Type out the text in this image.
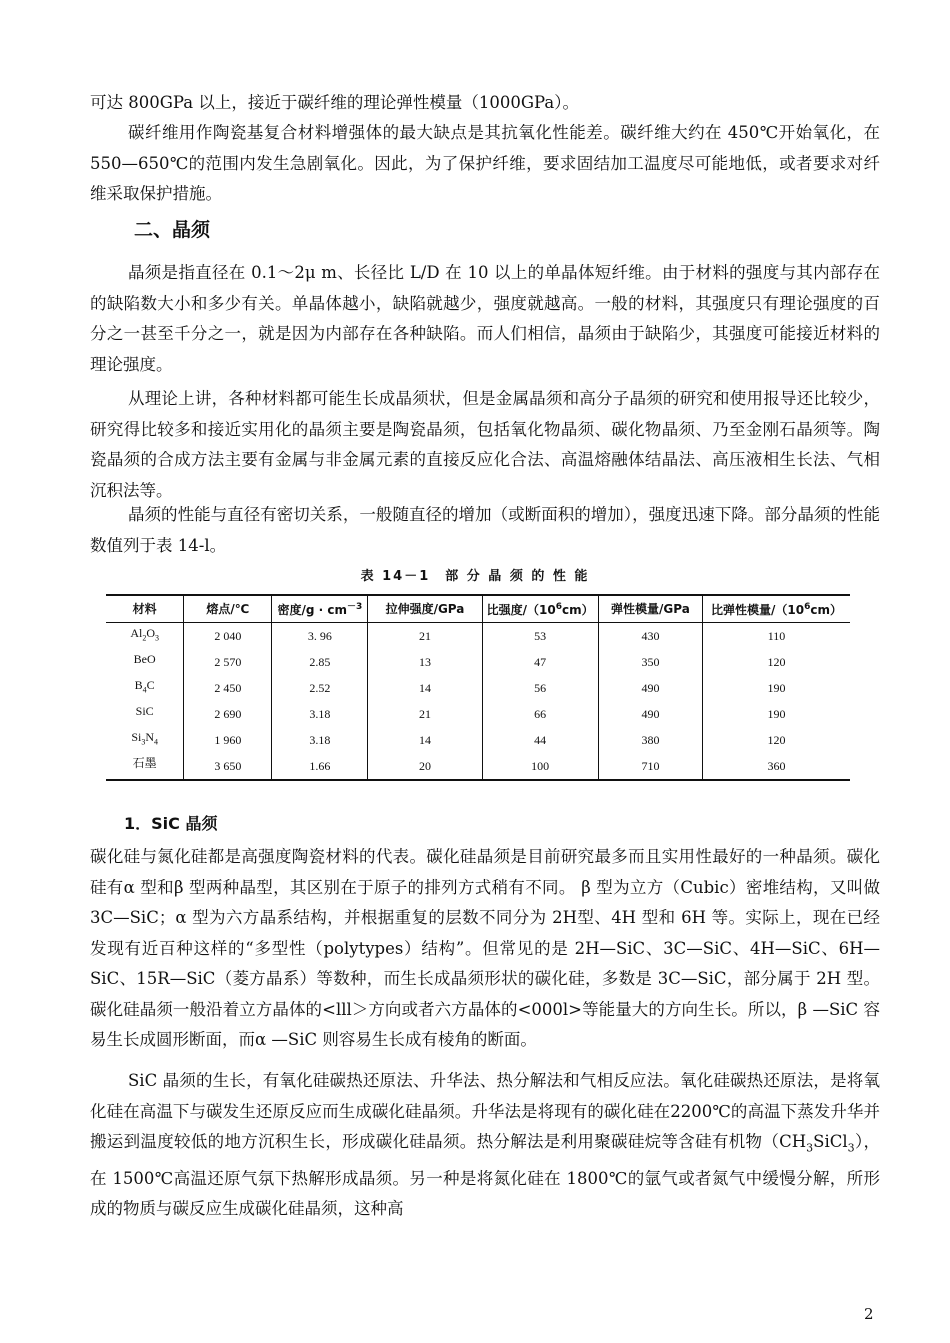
可达 800GPa 以上，接近于碳纤维的理论弹性模量（1000GPa）。

碳纤维用作陶瓷基复合材料增强体的最大缺点是其抗氧化性能差。碳纤维大约在 450℃开始氧化，在 550—650℃的范围内发生急剧氧化。因此，为了保护纤维，要求固结加工温度尽可能地低，或者要求对纤维采取保护措施。

二、晶须

晶须是指直径在 0.1～2μ m、长径比 L/D 在 10 以上的单晶体短纤维。由于材料的强度与其内部存在的缺陷数大小和多少有关。单晶体越小，缺陷就越少，强度就越高。一般的材料，其强度只有理论强度的百分之一甚至千分之一，就是因为内部存在各种缺陷。而人们相信，晶须由于缺陷少，其强度可能接近材料的理论强度。

从理论上讲，各种材料都可能生长成晶须状，但是金属晶须和高分子晶须的研究和使用报导还比较少，研究得比较多和接近实用化的晶须主要是陶瓷晶须，包括氧化物晶须、碳化物晶须、乃至金刚石晶须等。陶瓷晶须的合成方法主要有金属与非金属元素的直接反应化合法、高温熔融体结晶法、高压液相生长法、气相沉积法等。

晶须的性能与直径有密切关系，一般随直径的增加（或断面积的增加），强度迅速下降。部分晶须的性能数值列于表 14-l。

表 14－1　部 分 晶 须 的 性 能

材料	熔点/℃	密度$/g \cdot cm^{-3}$	拉伸强度/GPa	比强度$/(10^6cm)$	弹性模量/GPa	比弹性模量$/(10^6cm)$
$Al_2O_3$	2 040	3. 96	21	53	430	110
BeO	2 570	2.85	13	47	350	120
$B_4C$	2 450	2.52	14	56	490	190
SiC	2 690	3.18	21	66	490	190
$Si_3N_4$	1 960	3.18	14	44	380	120
石墨	3 650	1.66	20	100	710	360
1．SiC 晶须

碳化硅与氮化硅都是高强度陶瓷材料的代表。碳化硅晶须是目前研究最多而且实用性最好的一种晶须。碳化硅有α 型和β 型两种晶型，其区别在于原子的排列方式稍有不同。 β 型为立方（Cubic）密堆结构，又叫做 3C—SiC；α 型为六方晶系结构，并根据重复的层数不同分为 2H型、4H 型和 6H 等。实际上，现在已经发现有近百种这样的“多型性（polytypes）结构”。但常见的是 2H—SiC、3C—SiC、4H—SiC、6H—SiC、15R—SiC（菱方晶系）等数种，而生长成晶须形状的碳化硅，多数是 3C—SiC，部分属于 2H 型。碳化硅晶须一般沿着立方晶体的<lll＞方向或者六方晶体的<000l>等能量大的方向生长。所以，β —SiC 容易生长成圆形断面，而α —SiC 则容易生长成有棱角的断面。

SiC 晶须的生长，有氧化硅碳热还原法、升华法、热分解法和气相反应法。氧化硅碳热还原法，是将氧化硅在高温下与碳发生还原反应而生成碳化硅晶须。升华法是将现有的碳化硅在2200℃的高温下蒸发升华并搬运到温度较低的地方沉积生长，形成碳化硅晶须。热分解法是利用聚碳硅烷等含硅有机物$(CH_3SiCl_3)$，在 1500℃高温还原气氛下热解形成晶须。另一种是将氮化硅在 1800℃的氩气或者氮气中缓慢分解，所形成的物质与碳反应生成碳化硅晶须，这种高

2
